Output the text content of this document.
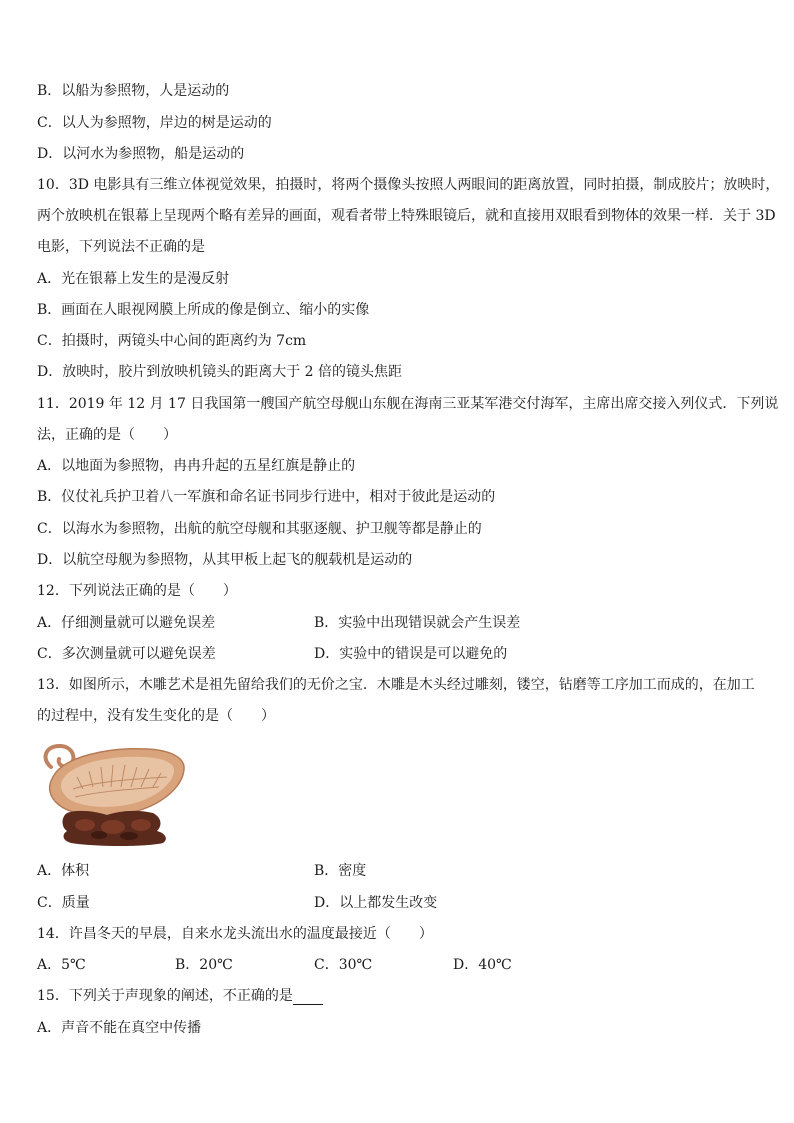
B．以船为参照物，人是运动的
C．以人为参照物，岸边的树是运动的
D．以河水为参照物，船是运动的
10．3D 电影具有三维立体视觉效果，拍摄时，将两个摄像头按照人两眼间的距离放置，同时拍摄，制成胶片；放映时，
两个放映机在银幕上呈现两个略有差异的画面，观看者带上特殊眼镜后，就和直接用双眼看到物体的效果一样．关于 3D
电影，下列说法不正确的是
A．光在银幕上发生的是漫反射
B．画面在人眼视网膜上所成的像是倒立、缩小的实像
C．拍摄时，两镜头中心间的距离约为 7cm
D．放映时，胶片到放映机镜头的距离大于 2 倍的镜头焦距
11．2019 年 12 月 17 日我国第一艘国产航空母舰山东舰在海南三亚某军港交付海军，主席出席交接入列仪式．下列说
法，正确的是（　　）
A．以地面为参照物，冉冉升起的五星红旗是静止的
B．仪仗礼兵护卫着八一军旗和命名证书同步行进中，相对于彼此是运动的
C．以海水为参照物，出航的航空母舰和其驱逐舰、护卫舰等都是静止的
D．以航空母舰为参照物，从其甲板上起飞的舰载机是运动的
12．下列说法正确的是（　　）
A．仔细测量就可以避免误差	B．实验中出现错误就会产生误差
C．多次测量就可以避免误差	D．实验中的错误是可以避免的
13．如图所示，木雕艺术是祖先留给我们的无价之宝．木雕是木头经过雕刻，镂空，钻磨等工序加工而成的，在加工
的过程中，没有发生变化的是（　　）
A．体积	B．密度
C．质量	D．以上都发生改变
14．许昌冬天的早晨，自来水龙头流出水的温度最接近（　　）
A．5℃	B．20℃	C．30℃	D．40℃
15．下列关于声现象的阐述，不正确的是
A．声音不能在真空中传播
